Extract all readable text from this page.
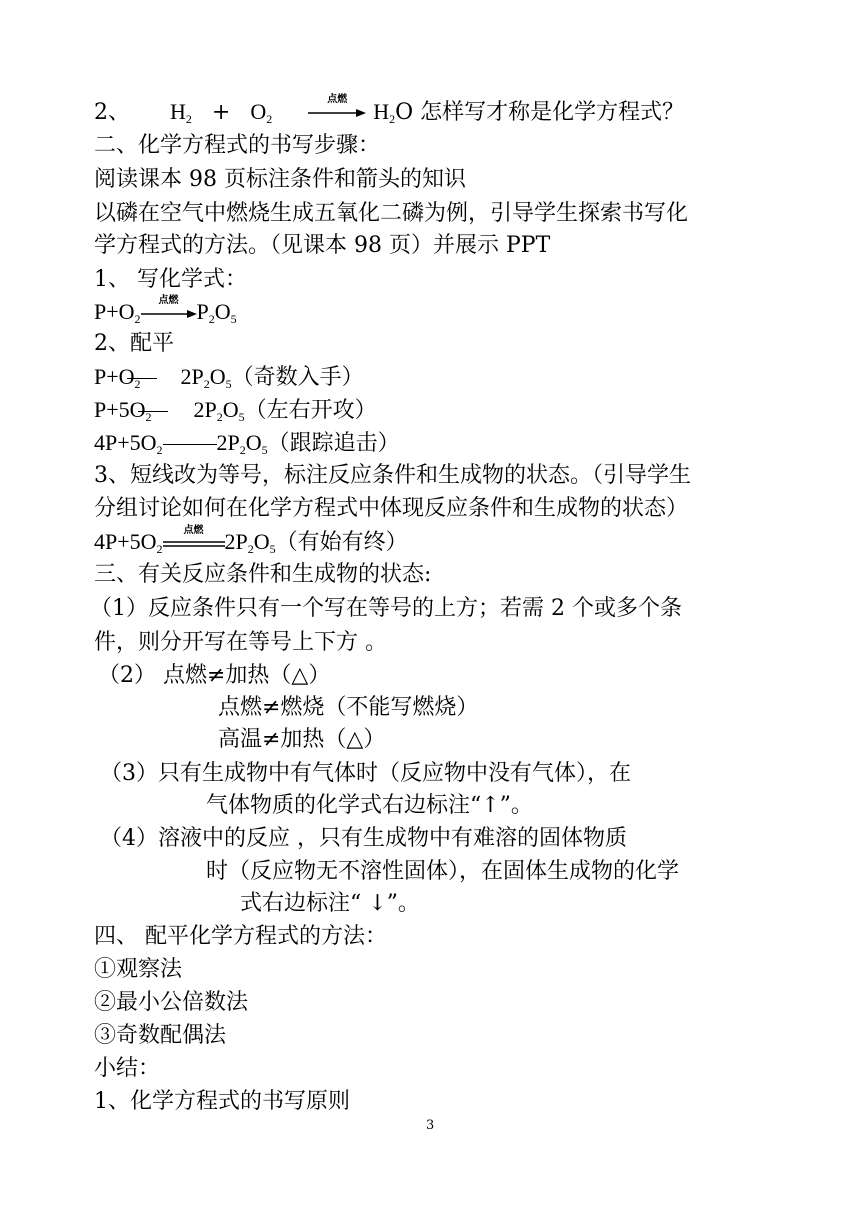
2、 $H_2 + O_2$
点燃	$H_2O$ 怎样写才称是化学方程式？
二、化学方程式的书写步骤：
阅读课本 98 页标注条件和箭头的知识
以磷在空气中燃烧生成五氧化二磷为例，引导学生探索书写化
学方程式的方法。（见课本 98 页）并展示 PPT
1、 写化学式：
$P+O_2$
点燃 $P_2O_5$
2、配平
$P+O_2$ $2P_2O_5$（奇数入手）
$P+5O_2$ $2P_2O_5$（左右开攻）
$4P+5O_2$ $2P_2O_5$（跟踪追击）
3、短线改为等号，标注反应条件和生成物的状态。（引导学生
分组讨论如何在化学方程式中体现反应条件和生成物的状态）
$4P+5O_2$
点燃 $2P_2O_5$（有始有终）
三、有关反应条件和生成物的状态:
（1）反应条件只有一个写在等号的上方；若需 2 个或多个条
件，则分开写在等号上下方 。
（2） 点燃≠加热（△）
点燃≠燃烧（不能写燃烧）
高温≠加热（△）
（3）只有生成物中有气体时（反应物中没有气体），在
气体物质的化学式右边标注“↑”。
（4）溶液中的反应 ，只有生成物中有难溶的固体物质
时（反应物无不溶性固体），在固体生成物的化学
式右边标注“ ↓”。
四、 配平化学方程式的方法：
①观察法
②最小公倍数法
③奇数配偶法
小结：
1、化学方程式的书写原则
3
